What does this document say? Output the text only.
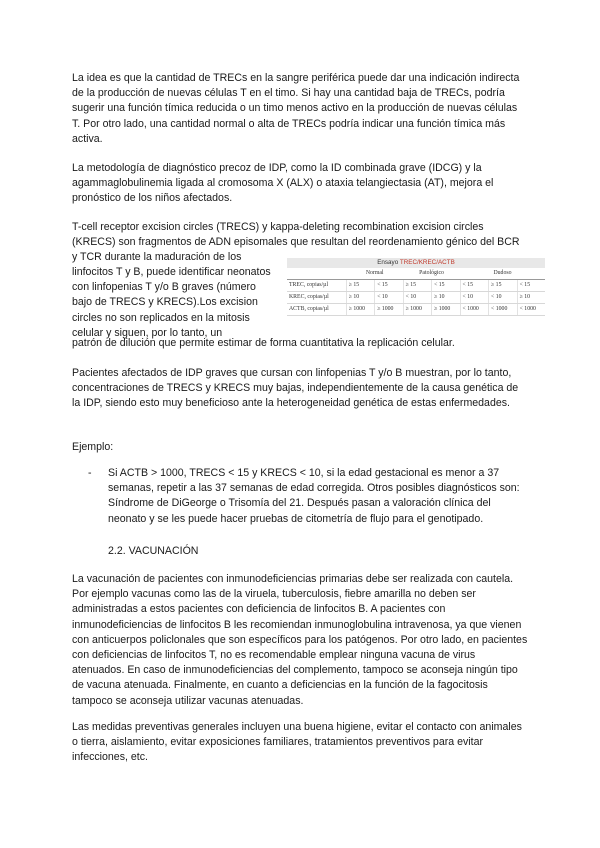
La idea es que la cantidad de TRECs en la sangre periférica puede dar una indicación indirecta de la producción de nuevas células T en el timo. Si hay una cantidad baja de TRECs, podría sugerir una función tímica reducida o un timo menos activo en la producción de nuevas células T. Por otro lado, una cantidad normal o alta de TRECs podría indicar una función tímica más activa.

La metodología de diagnóstico precoz de IDP, como la ID combinada grave (IDCG) y la agammaglobulinemia ligada al cromosoma X (ALX) o ataxia telangiectasia (AT), mejora el pronóstico de los niños afectados.

T-cell receptor excision circles (TRECS) y kappa-deleting recombination excision circles (KRECS) son fragmentos de ADN episomales que resultan del reordenamiento génico del BCR y TCR durante la maduración de los

linfocitos T y B, puede identificar neonatos con linfopenias T y/o B graves (número bajo de TRECS y KRECS).Los excision circles no son replicados en la mitosis celular y siguen, por lo tanto, un

Ensayo TREC/KREC/ACTB
	Normal		Patológico		Dudoso		
TREC, copias/µl	≥ 15	< 15	≥ 15	< 15	< 15	≥ 15	< 15
KREC, copias/µl	≥ 10	< 10	< 10	≥ 10	< 10	< 10	≥ 10
ACTB, copias/µl	≥ 1000	≥ 1000	≥ 1000	≥ 1000	< 1000	< 1000	< 1000

patrón de dilución que permite estimar de forma cuantitativa la replicación celular.

Pacientes afectados de IDP graves que cursan con linfopenias T y/o B muestran, por lo tanto, concentraciones de TRECS y KRECS muy bajas, independientemente de la causa genética de la IDP, siendo esto muy beneficioso ante la heterogeneidad genética de estas enfermedades.

Ejemplo:

- Si ACTB > 1000, TRECS < 15 y KRECS < 10, si la edad gestacional es menor a 37 semanas, repetir a las 37 semanas de edad corregida. Otros posibles diagnósticos son: Síndrome de DiGeorge o Trisomía del 21. Después pasan a valoración clínica del neonato y se les puede hacer pruebas de citometría de flujo para el genotipado.

2.2. VACUNACIÓN

La vacunación de pacientes con inmunodeficiencias primarias debe ser realizada con cautela. Por ejemplo vacunas como las de la viruela, tuberculosis, fiebre amarilla no deben ser administradas a estos pacientes con deficiencia de linfocitos B. A pacientes con inmunodeficiencias de linfocitos B les recomiendan inmunoglobulina intravenosa, ya que vienen con anticuerpos policlonales que son específicos para los patógenos. Por otro lado, en pacientes con deficiencias de linfocitos T, no es recomendable emplear ninguna vacuna de virus atenuados. En caso de inmunodeficiencias del complemento, tampoco se aconseja ningún tipo de vacuna atenuada. Finalmente, en cuanto a deficiencias en la función de la fagocitosis tampoco se aconseja utilizar vacunas atenuadas.

Las medidas preventivas generales incluyen una buena higiene, evitar el contacto con animales o tierra, aislamiento, evitar exposiciones familiares, tratamientos preventivos para evitar infecciones, etc.
